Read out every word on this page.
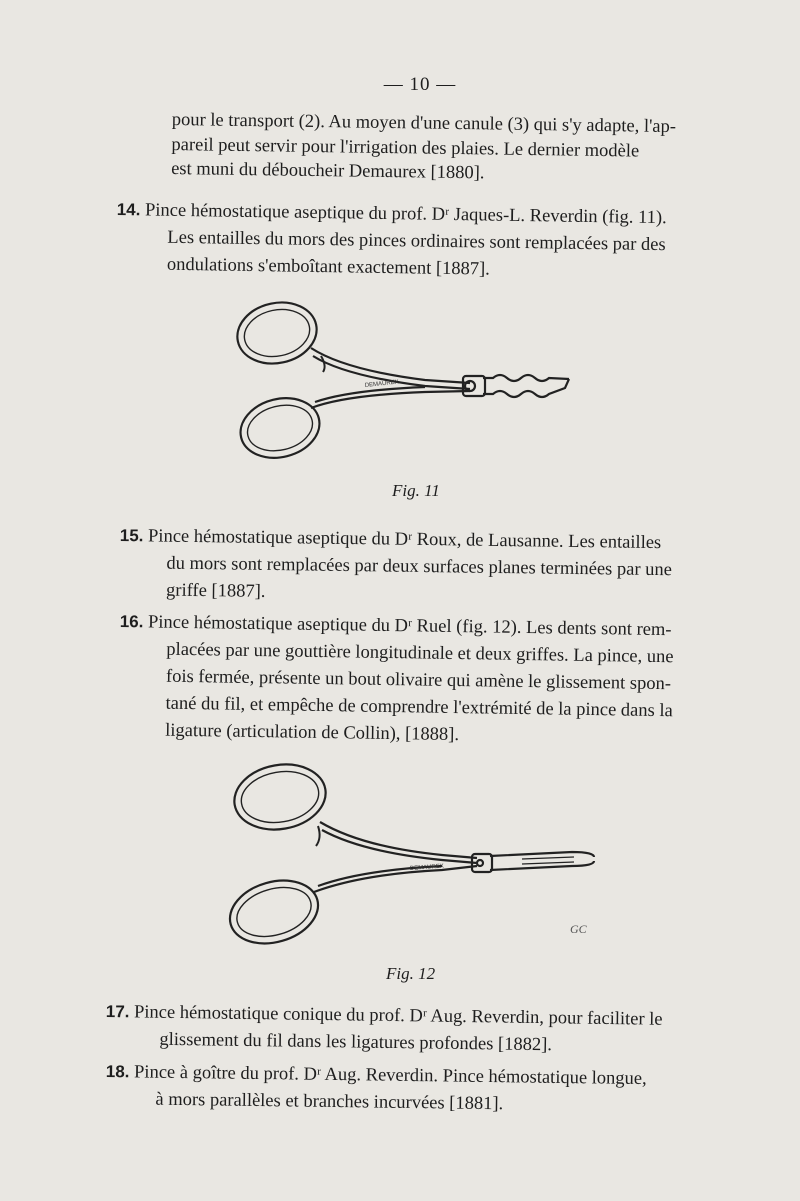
— 10 —

pour le transport (2). Au moyen d'une canule (3) qui s'y adapte, l'ap-

pareil peut servir pour l'irrigation des plaies. Le dernier modèle

est muni du déboucheir Demaurex [1880].

14. Pince hémostatique aseptique du prof. Dʳ Jaques-L. Reverdin (fig. 11).

Les entailles du mors des pinces ordinaires sont remplacées par des

ondulations s'emboîtant exactement [1887].

DEMAUREX
Fig. 11

15. Pince hémostatique aseptique du Dʳ Roux, de Lausanne. Les entailles

du mors sont remplacées par deux surfaces planes terminées par une

griffe [1887].

16. Pince hémostatique aseptique du Dʳ Ruel (fig. 12). Les dents sont rem-

placées par une gouttière longitudinale et deux griffes. La pince, une

fois fermée, présente un bout olivaire qui amène le glissement spon-

tané du fil, et empêche de comprendre l'extrémité de la pince dans la

ligature (articulation de Collin), [1888].

DEMAUREX
GC
Fig. 12

17. Pince hémostatique conique du prof. Dʳ Aug. Reverdin, pour faciliter le

glissement du fil dans les ligatures profondes [1882].

18. Pince à goître du prof. Dʳ Aug. Reverdin. Pince hémostatique longue,

à mors parallèles et branches incurvées [1881].
